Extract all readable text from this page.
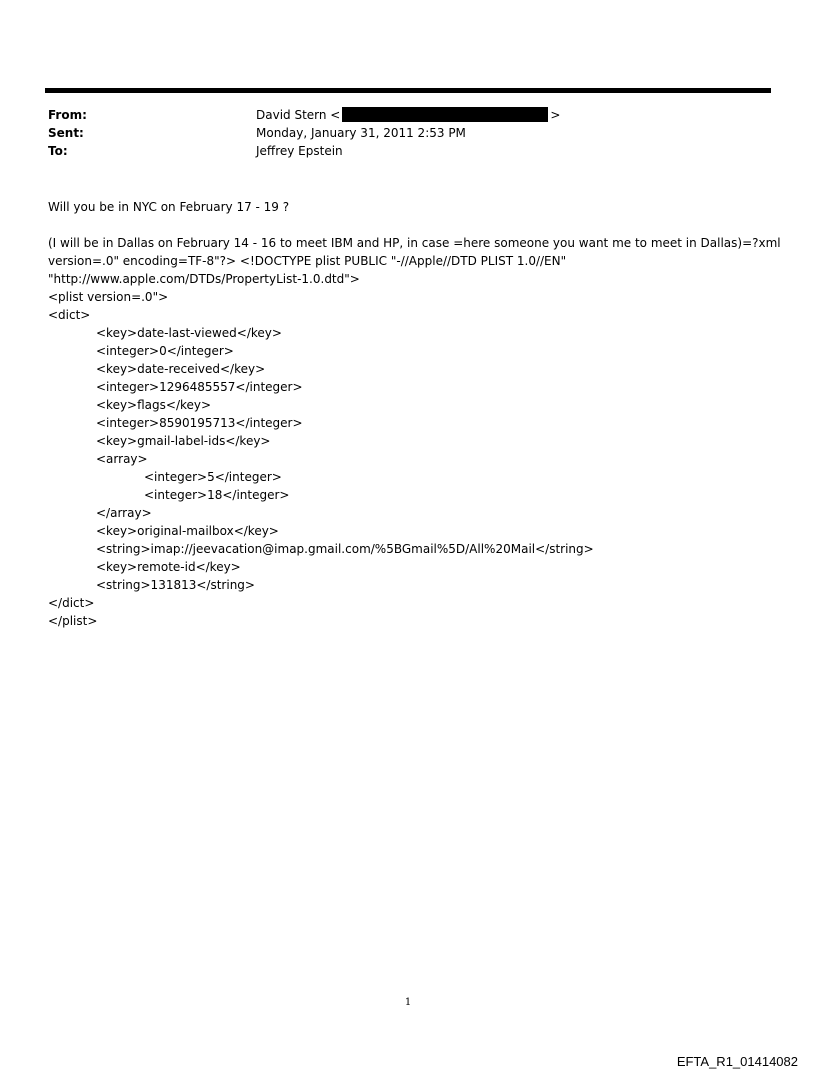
From:	David Stern <	>
Sent:	Monday, January 31, 2011 2:53 PM
To:	Jeffrey Epstein

Will you be in NYC on February 17 - 19 ?

(I will be in Dallas on February 14 - 16 to meet IBM and HP, in case =here someone you want me to meet in Dallas)=?xml
version=.0" encoding=TF-8"?> <!DOCTYPE plist PUBLIC "-//Apple//DTD PLIST 1.0//EN"
"http://www.apple.com/DTDs/PropertyList-1.0.dtd">
<plist version=.0">
<dict>
<key>date-last-viewed</key>
<integer>0</integer>
<key>date-received</key>
<integer>1296485557</integer>
<key>flags</key>
<integer>8590195713</integer>
<key>gmail-label-ids</key>
<array>
<integer>5</integer>
<integer>18</integer>
</array>
<key>original-mailbox</key>
<string>imap://jeevacation@imap.gmail.com/%5BGmail%5D/All%20Mail</string>
<key>remote-id</key>
<string>131813</string>
</dict>
</plist>
1
EFTA_R1_01414082
